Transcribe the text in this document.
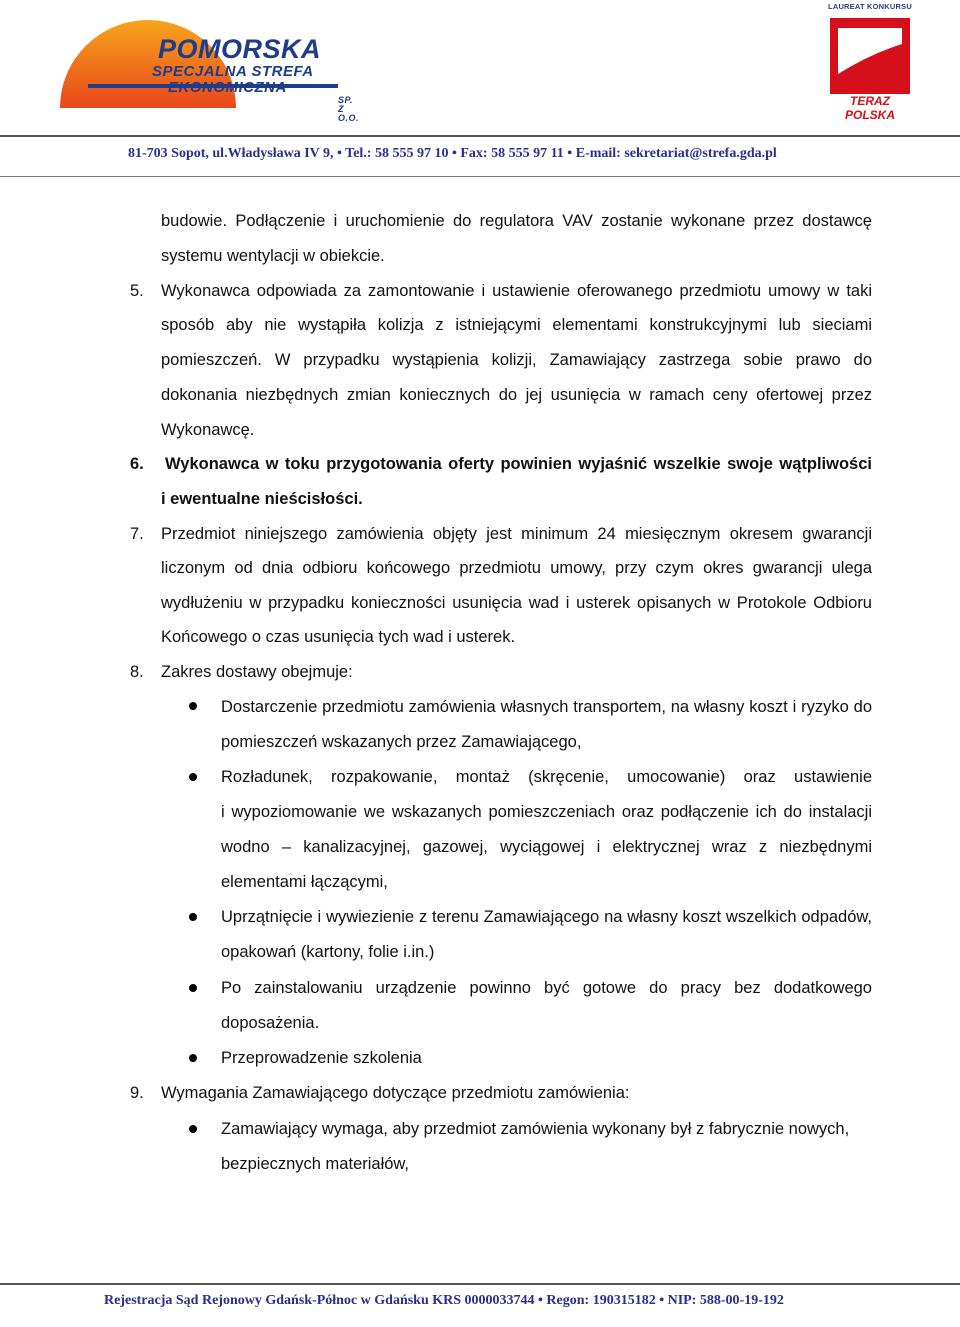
POMORSKA
SPECJALNA STREFA
EKONOMICZNA
SP. Z O.O.
LAUREAT KONKURSU
TERAZ POLSKA
81-703 Sopot, ul.Władysława IV 9, • Tel.: 58 555 97 10 • Fax: 58 555 97 11 • E-mail: sekretariat@strefa.gda.pl
budowie. Podłączenie i uruchomienie do regulatora VAV zostanie wykonane przez dostawcę
systemu wentylacji w obiekcie.
5. Wykonawca odpowiada za zamontowanie i ustawienie oferowanego przedmiotu umowy w taki
sposób aby nie wystąpiła kolizja z istniejącymi elementami konstrukcyjnymi lub sieciami
pomieszczeń. W przypadku wystąpienia kolizji, Zamawiający zastrzega sobie prawo do
dokonania niezbędnych zmian koniecznych do jej usunięcia w ramach ceny ofertowej przez
Wykonawcę.
6. Wykonawca w toku przygotowania oferty powinien wyjaśnić wszelkie swoje wątpliwości
i ewentualne nieścisłości.
7. Przedmiot niniejszego zamówienia objęty jest minimum 24 miesięcznym okresem gwarancji
liczonym od dnia odbioru końcowego przedmiotu umowy, przy czym okres gwarancji ulega
wydłużeniu w przypadku konieczności usunięcia wad i usterek opisanych w Protokole Odbioru
Końcowego o czas usunięcia tych wad i usterek.
8. Zakres dostawy obejmuje:
Dostarczenie przedmiotu zamówienia własnych transportem, na własny koszt i ryzyko do
pomieszczeń wskazanych przez Zamawiającego,
Rozładunek, rozpakowanie, montaż (skręcenie, umocowanie) oraz ustawienie
i wypoziomowanie we wskazanych pomieszczeniach oraz podłączenie ich do instalacji
wodno – kanalizacyjnej, gazowej, wyciągowej i elektrycznej wraz z niezbędnymi
elementami łączącymi,
Uprzątnięcie i wywiezienie z terenu Zamawiającego na własny koszt wszelkich odpadów,
opakowań (kartony, folie i.in.)
Po zainstalowaniu urządzenie powinno być gotowe do pracy bez dodatkowego
doposażenia.
Przeprowadzenie szkolenia
9. Wymagania Zamawiającego dotyczące przedmiotu zamówienia:
Zamawiający wymaga, aby przedmiot zamówienia wykonany był z fabrycznie nowych,
bezpiecznych materiałów,
Rejestracja Sąd Rejonowy Gdańsk-Północ w Gdańsku KRS 0000033744 • Regon: 190315182 • NIP: 588-00-19-192
